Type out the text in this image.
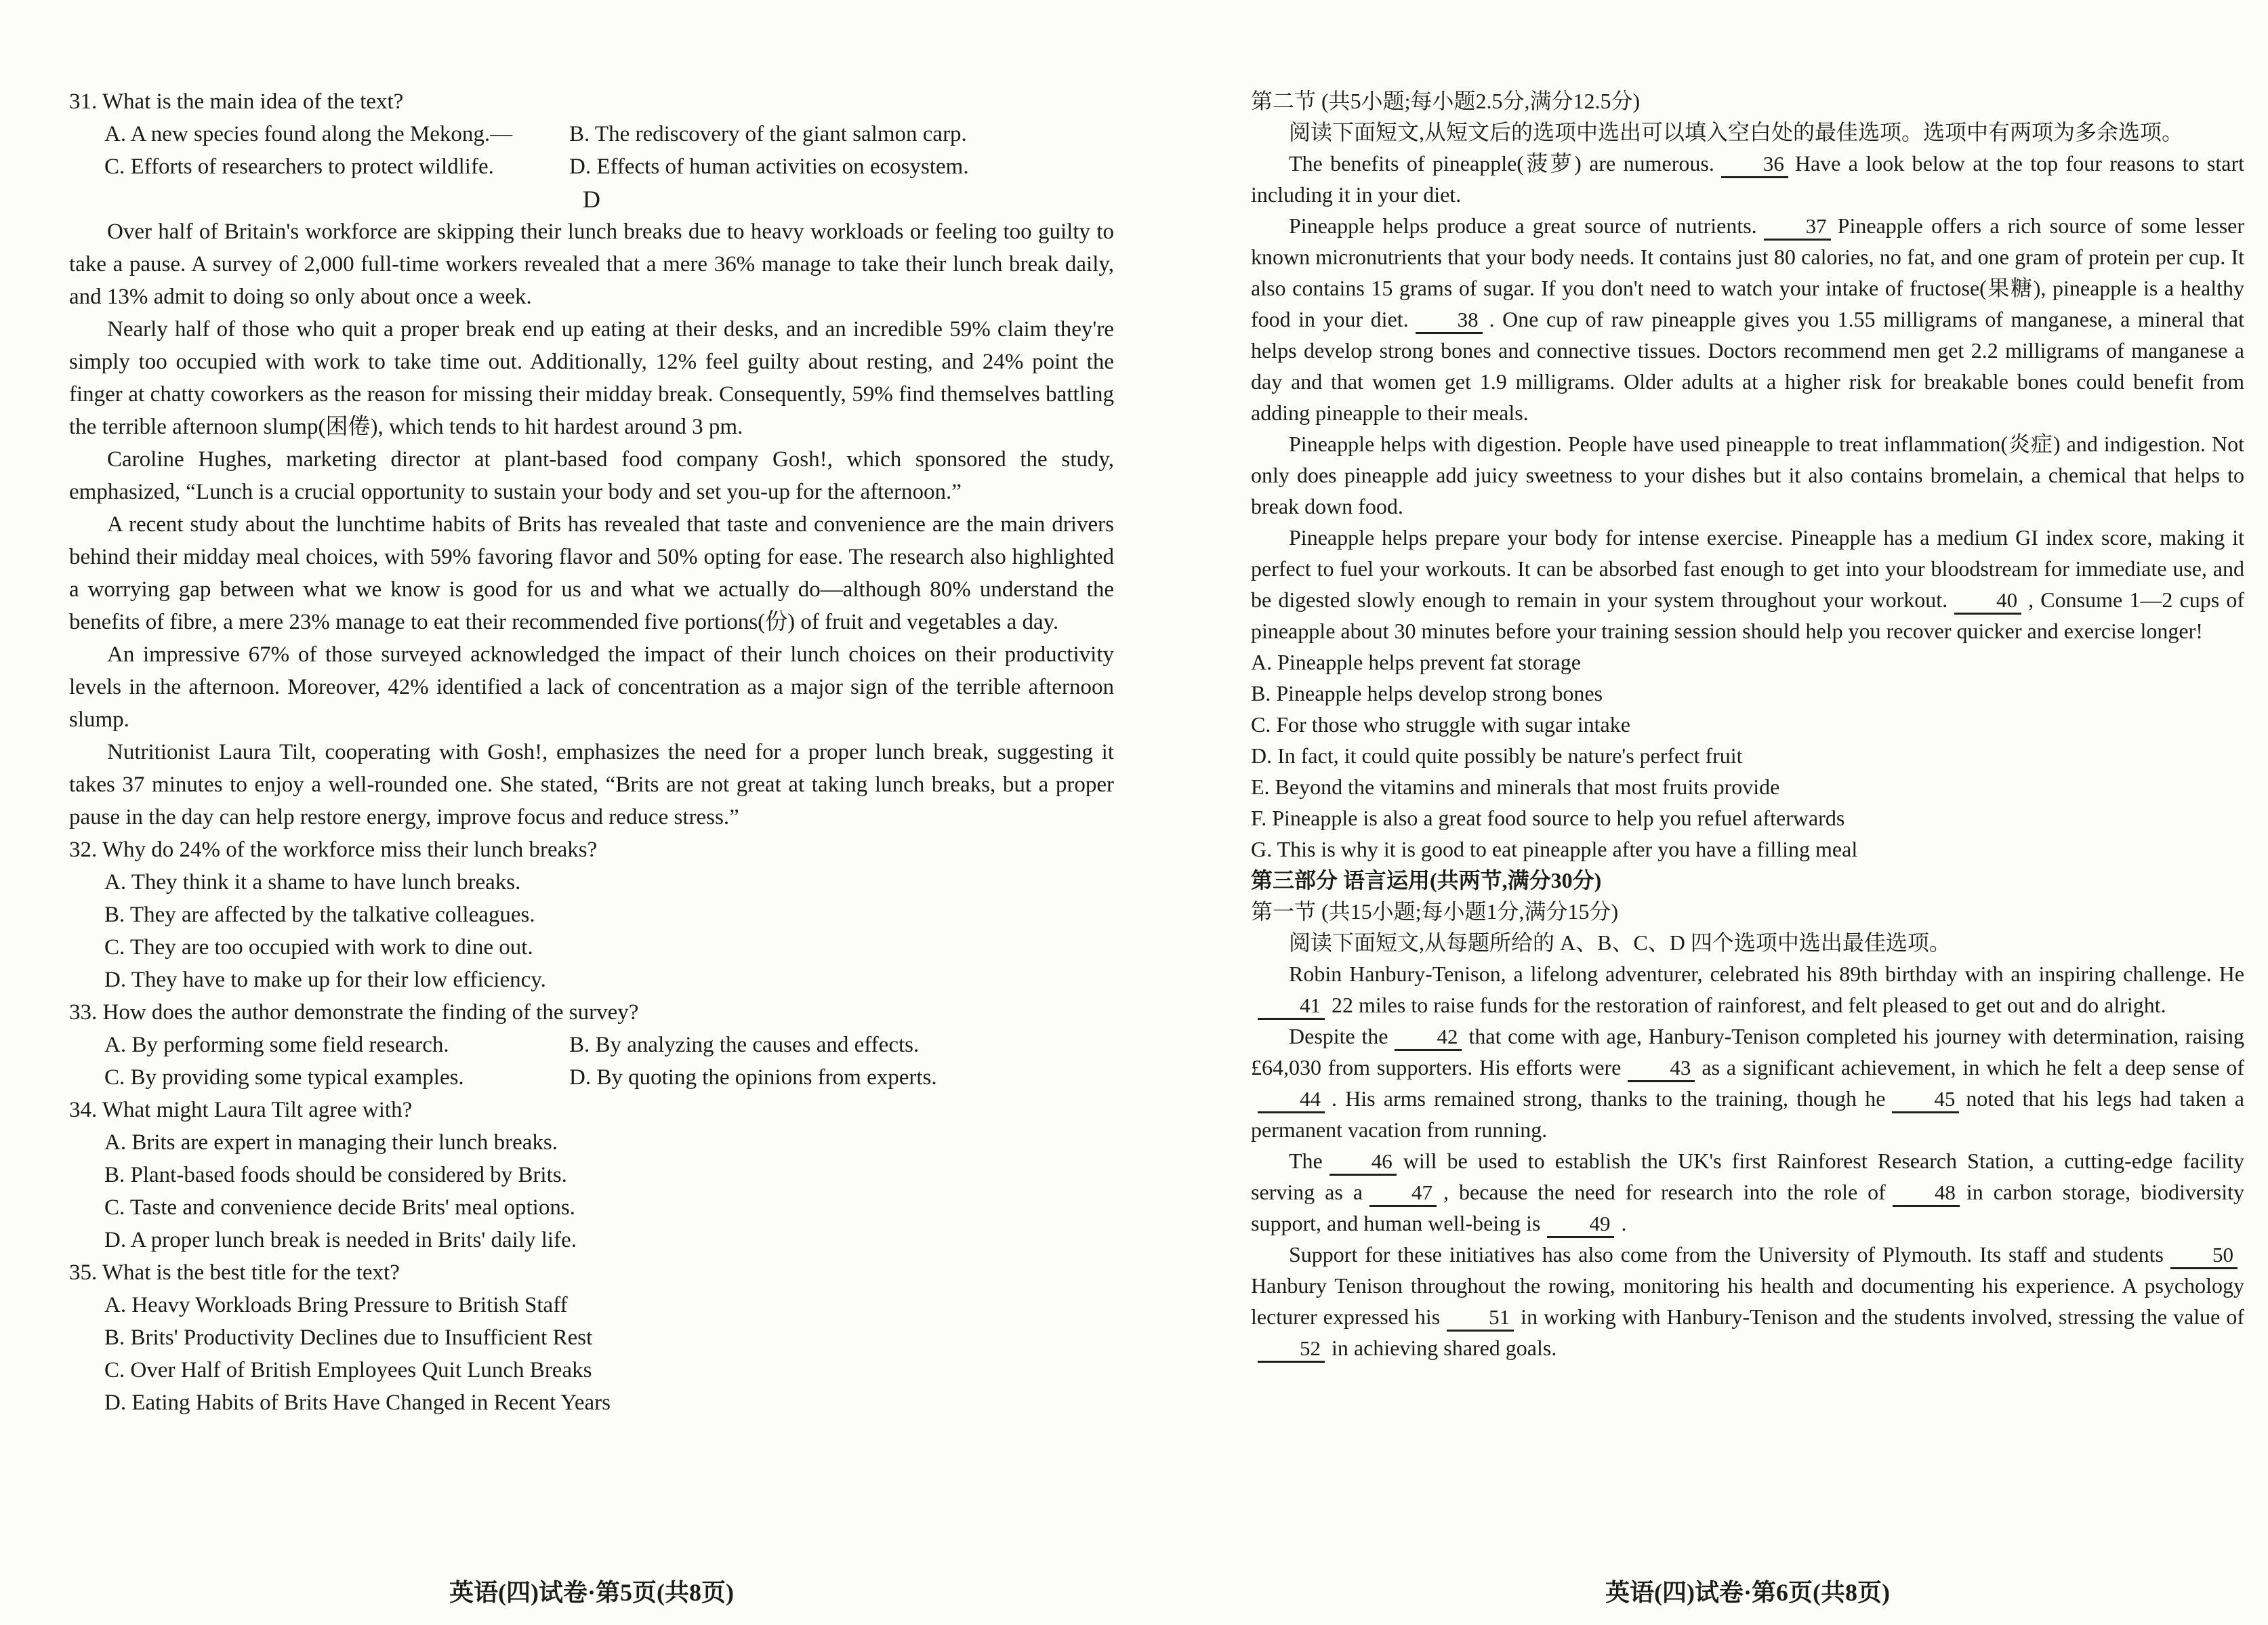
31. What is the main idea of the text?

A. A new species found along the Mekong.—	B. The rediscovery of the giant salmon carp.
C. Efforts of researchers to protect wildlife.	D. Effects of human activities on ecosystem.

D

Over half of Britain's workforce are skipping their lunch breaks due to heavy workloads or feeling too guilty to take a pause. A survey of 2,000 full-time workers revealed that a mere 36% manage to take their lunch break daily, and 13% admit to doing so only about once a week.

Nearly half of those who quit a proper break end up eating at their desks, and an incredible 59% claim they're simply too occupied with work to take time out. Additionally, 12% feel guilty about resting, and 24% point the finger at chatty coworkers as the reason for missing their midday break. Consequently, 59% find themselves battling the terrible afternoon slump(困倦), which tends to hit hardest around 3 pm.

Caroline Hughes, marketing director at plant-based food company Gosh!, which sponsored the study, emphasized, “Lunch is a crucial opportunity to sustain your body and set you-up for the afternoon.”

A recent study about the lunchtime habits of Brits has revealed that taste and convenience are the main drivers behind their midday meal choices, with 59% favoring flavor and 50% opting for ease. The research also highlighted a worrying gap between what we know is good for us and what we actually do—although 80% understand the benefits of fibre, a mere 23% manage to eat their recommended five portions(份) of fruit and vegetables a day.

An impressive 67% of those surveyed acknowledged the impact of their lunch choices on their productivity levels in the afternoon. Moreover, 42% identified a lack of concentration as a major sign of the terrible afternoon slump.

Nutritionist Laura Tilt, cooperating with Gosh!, emphasizes the need for a proper lunch break, suggesting it takes 37 minutes to enjoy a well-rounded one. She stated, “Brits are not great at taking lunch breaks, but a proper pause in the day can help restore energy, improve focus and reduce stress.”

32. Why do 24% of the workforce miss their lunch breaks?

A. They think it a shame to have lunch breaks.

B. They are affected by the talkative colleagues.

C. They are too occupied with work to dine out.

D. They have to make up for their low efficiency.

33. How does the author demonstrate the finding of the survey?

A. By performing some field research.	B. By analyzing the causes and effects.
C. By providing some typical examples.	D. By quoting the opinions from experts.

34. What might Laura Tilt agree with?

A. Brits are expert in managing their lunch breaks.

B. Plant-based foods should be considered by Brits.

C. Taste and convenience decide Brits' meal options.

D. A proper lunch break is needed in Brits' daily life.

35. What is the best title for the text?

A. Heavy Workloads Bring Pressure to British Staff

B. Brits' Productivity Declines due to Insufficient Rest

C. Over Half of British Employees Quit Lunch Breaks

D. Eating Habits of Brits Have Changed in Recent Years

第二节 (共5小题;每小题2.5分,满分12.5分)

阅读下面短文,从短文后的选项中选出可以填入空白处的最佳选项。选项中有两项为多余选项。

The benefits of pineapple(菠萝) are numerous. 36 Have a look below at the top four reasons to start including it in your diet.

Pineapple helps produce a great source of nutrients. 37 Pineapple offers a rich source of some lesser known micronutrients that your body needs. It contains just 80 calories, no fat, and one gram of protein per cup. It also contains 15 grams of sugar. If you don't need to watch your intake of fructose(果糖), pineapple is a healthy food in your diet. 38 . One cup of raw pineapple gives you 1.55 milligrams of manganese, a mineral that helps develop strong bones and connective tissues. Doctors recommend men get 2.2 milligrams of manganese a day and that women get 1.9 milligrams. Older adults at a higher risk for breakable bones could benefit from adding pineapple to their meals.

Pineapple helps with digestion. People have used pineapple to treat inflammation(炎症) and indigestion. Not only does pineapple add juicy sweetness to your dishes but it also contains bromelain, a chemical that helps to break down food.

Pineapple helps prepare your body for intense exercise. Pineapple has a medium GI index score, making it perfect to fuel your workouts. It can be absorbed fast enough to get into your bloodstream for immediate use, and be digested slowly enough to remain in your system throughout your workout. 40 , Consume 1—2 cups of pineapple about 30 minutes before your training session should help you recover quicker and exercise longer!

A. Pineapple helps prevent fat storage

B. Pineapple helps develop strong bones

C. For those who struggle with sugar intake

D. In fact, it could quite possibly be nature's perfect fruit

E. Beyond the vitamins and minerals that most fruits provide

F. Pineapple is also a great food source to help you refuel afterwards

G. This is why it is good to eat pineapple after you have a filling meal

第三部分 语言运用(共两节,满分30分)

第一节 (共15小题;每小题1分,满分15分)

阅读下面短文,从每题所给的 A、B、C、D 四个选项中选出最佳选项。

Robin Hanbury-Tenison, a lifelong adventurer, celebrated his 89th birthday with an inspiring challenge. He41 22 miles to raise funds for the restoration of rainforest, and felt pleased to get out and do alright.

Despite the 42 that come with age, Hanbury-Tenison completed his journey with determination, raising £64,030 from supporters. His efforts were 43 as a significant achievement, in which he felt a deep sense of44 . His arms remained strong, thanks to the training, though he 45 noted that his legs had taken a permanent vacation from running.

The 46 will be used to establish the UK's first Rainforest Research Station, a cutting-edge facility serving as a 47 , because the need for research into the role of 48 in carbon storage, biodiversity support, and human well-being is 49 .

Support for these initiatives has also come from the University of Plymouth. Its staff and students 50Hanbury Tenison throughout the rowing, monitoring his health and documenting his experience. A psychology lecturer expressed his 51 in working with Hanbury-Tenison and the students involved, stressing the value of52 in achieving shared goals.

英语(四)试卷·第5页(共8页)	英语(四)试卷·第6页(共8页)
